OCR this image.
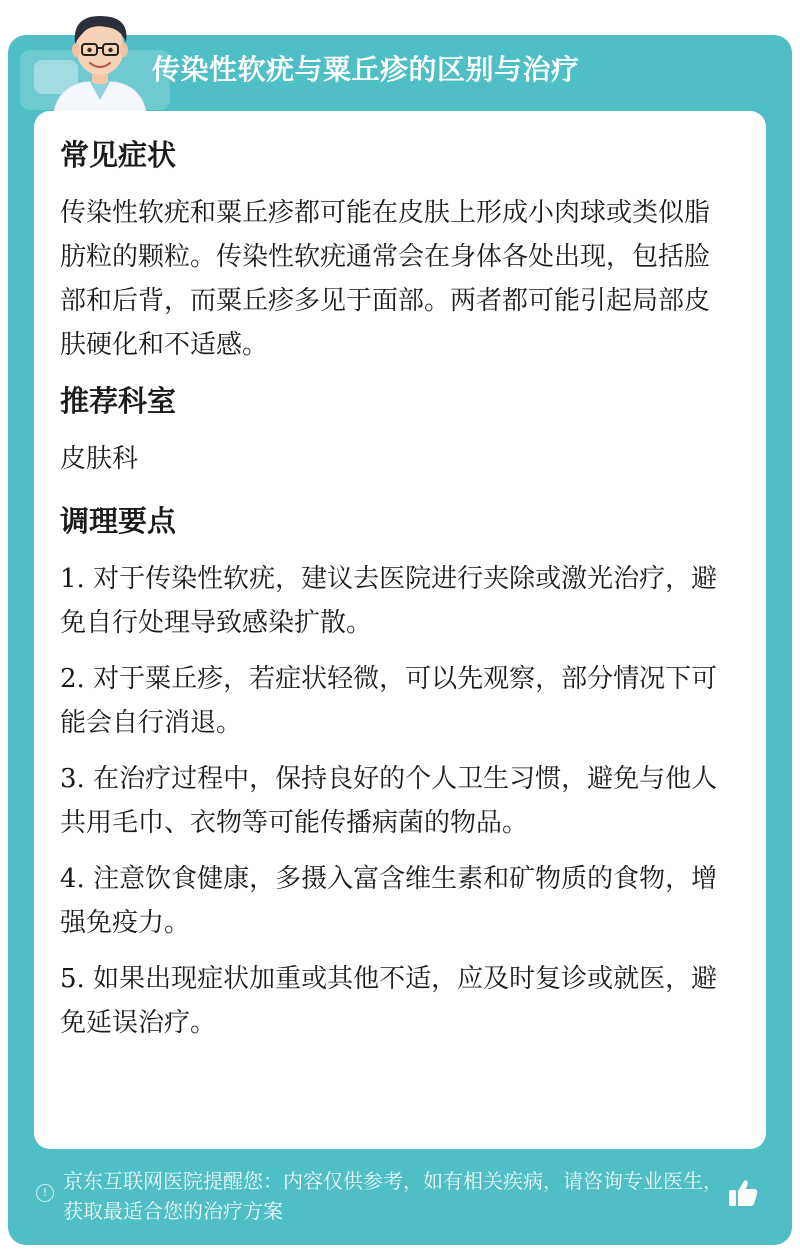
传染性软疣与粟丘疹的区别与治疗
常见症状
传染性软疣和粟丘疹都可能在皮肤上形成小肉球或类似脂肪粒的颗粒。传染性软疣通常会在身体各处出现，包括脸部和后背，而粟丘疹多见于面部。两者都可能引起局部皮肤硬化和不适感。
推荐科室
皮肤科
调理要点
1. 对于传染性软疣，建议去医院进行夹除或激光治疗，避免自行处理导致感染扩散。
2. 对于粟丘疹，若症状轻微，可以先观察，部分情况下可能会自行消退。
3. 在治疗过程中，保持良好的个人卫生习惯，避免与他人共用毛巾、衣物等可能传播病菌的物品。
4. 注意饮食健康，多摄入富含维生素和矿物质的食物，增强免疫力。
5. 如果出现症状加重或其他不适，应及时复诊或就医，避免延误治疗。
! 京东互联网医院提醒您：内容仅供参考，如有相关疾病，请咨询专业医生，获取最适合您的治疗方案
